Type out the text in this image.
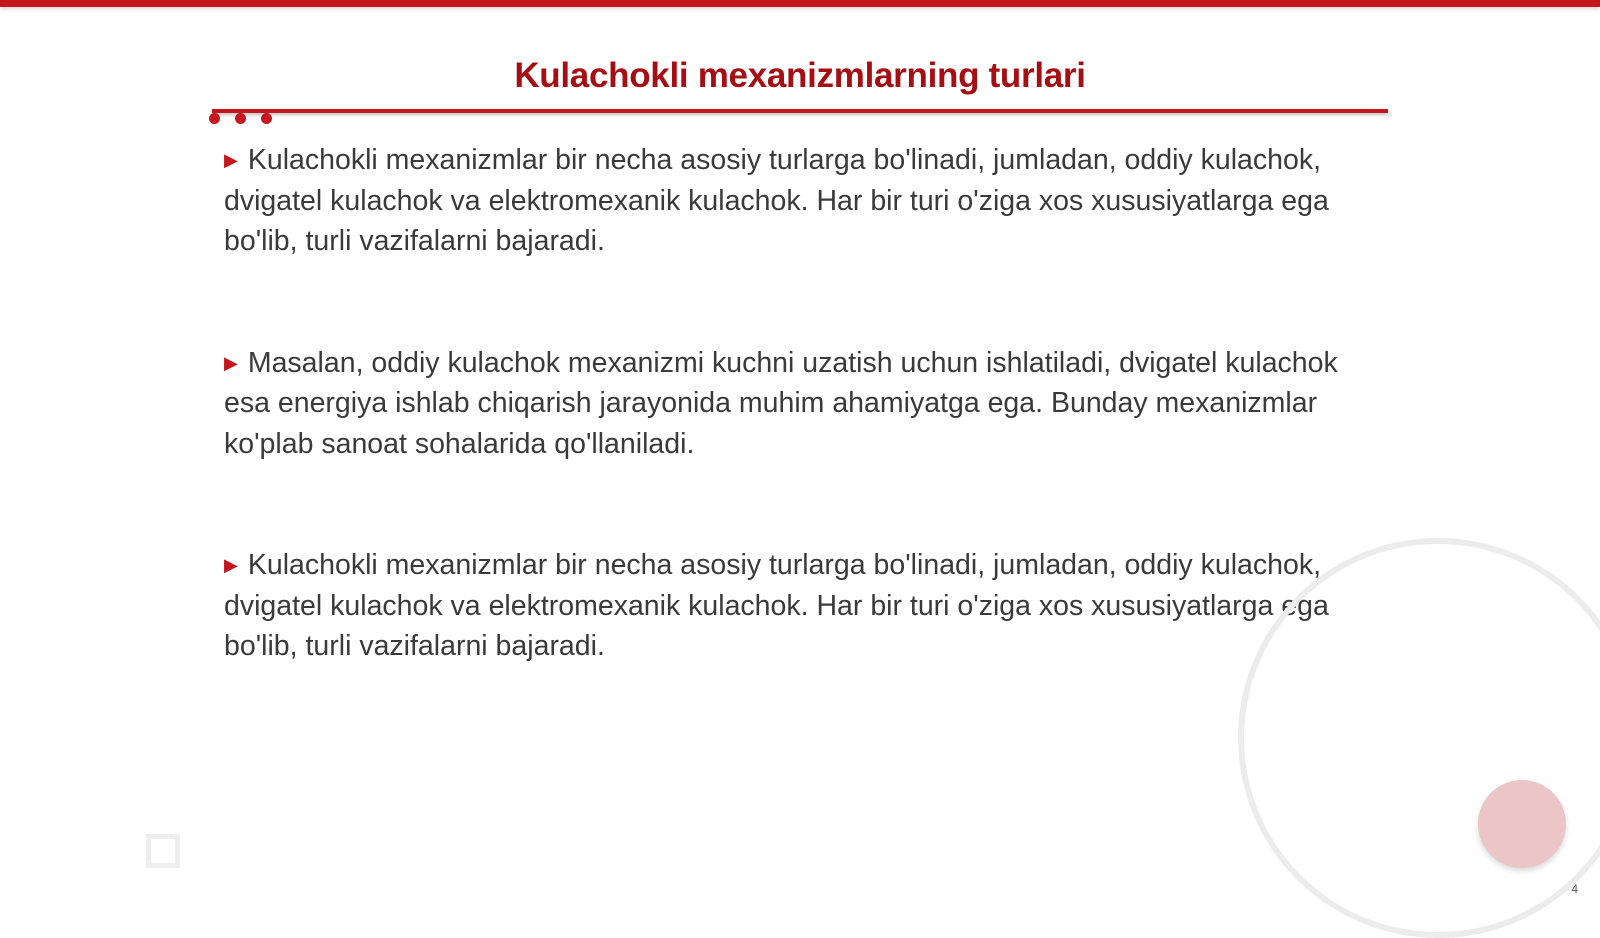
Kulachokli mexanizmlarning turlari

▶ Kulachokli mexanizmlar bir necha asosiy turlarga bo'linadi, jumladan, oddiy kulachok, dvigatel kulachok va elektromexanik kulachok. Har bir turi o'ziga xos xususiyatlarga ega bo'lib, turli vazifalarni bajaradi.

▶ Masalan, oddiy kulachok mexanizmi kuchni uzatish uchun ishlatiladi, dvigatel kulachok esa energiya ishlab chiqarish jarayonida muhim ahamiyatga ega. Bunday mexanizmlar ko'plab sanoat sohalarida qo'llaniladi.

▶ Kulachokli mexanizmlar bir necha asosiy turlarga bo'linadi, jumladan, oddiy kulachok, dvigatel kulachok va elektromexanik kulachok. Har bir turi o'ziga xos xususiyatlarga ega bo'lib, turli vazifalarni bajaradi.

4
